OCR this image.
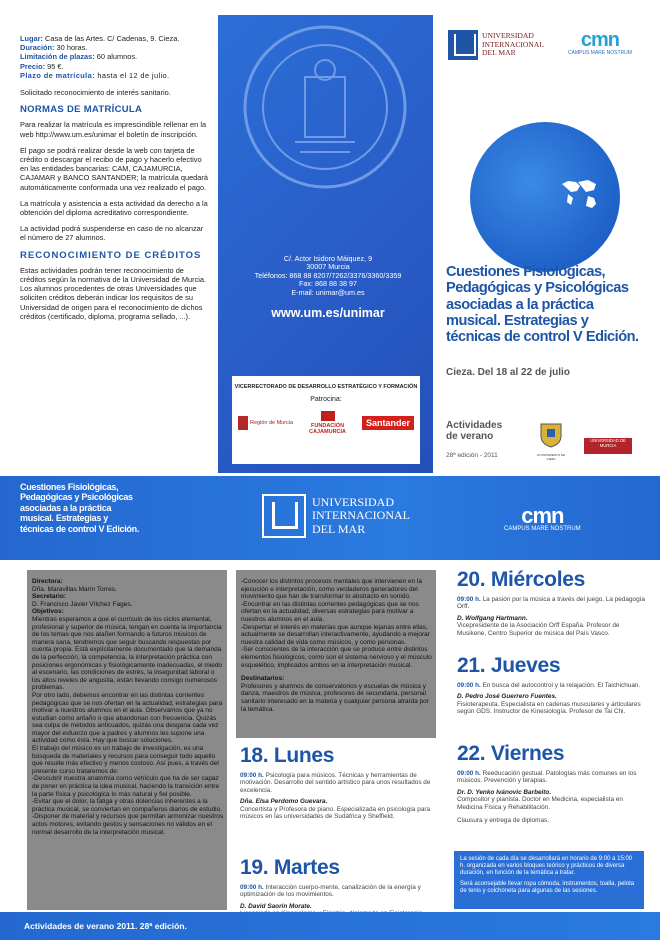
Lugar: Casa de las Artes. C/ Cadenas, 9. Cieza.
Duración: 30 horas.
Limitación de plazas: 60 alumnos.
Precio: 95 €.
Plazo de matrícula: hasta el 12 de julio.

Solicitado reconocimiento de interés sanitario.

NORMAS DE MATRÍCULA

Para realizar la matrícula es imprescindible rellenar en la web http://www.um.es/unimar el boletín de inscripción.

El pago se podrá realizar desde la web con tarjeta de crédito o descargar el recibo de pago y hacerlo efectivo en las entidades bancarias: CAM, CAJAMURCIA, CAJAMAR y BANCO SANTANDER; la matrícula quedará automáticamente conformada una vez realizado el pago.

La matrícula y asistencia a esta actividad da derecho a la obtención del diploma acreditativo correspondiente.

La actividad podrá suspenderse en caso de no alcanzar el número de 27 alumnos.

RECONOCIMIENTO DE CRÉDITOS

Estas actividades podrán tener reconocimiento de créditos según la normativa de la Universidad de Murcia. Los alumnos procedentes de otras Universidades que soliciten créditos deberán indicar los requisitos de su Universidad de origen para el reconocimiento de dichos créditos (certificado, diploma, programa sellado, ...).

C/. Actor Isidoro Máiquez, 9
30007 Murcia
Teléfonos: 868 88 8207/7262/3376/3360/3359
Fax: 868 88 38 97
E-mail: unimar@um.es
www.um.es/unimar
VICERRECTORADO DE DESARROLLO ESTRATÉGICO Y FORMACIÓN
Patrocina:
Región de Murcia	FUNDACIÓN CAJAMURCIA
Santander
UNIVERSIDAD
INTERNACIONAL
DEL MAR
cmn
CAMPUS MARE NOSTRUM
Cuestiones Fisiológicas, Pedagógicas y Psicológicas asociadas a la práctica musical. Estrategias y técnicas de control V Edición.
Cieza. Del 18 al 22 de julio
Actividades
de verano
28ª edición - 2011	AYUNTAMIENTO DE CIEZA
UNIVERSIDAD DE MURCIA
Cuestiones Fisiológicas, Pedagógicas y Psicológicas asociadas a la práctica musical. Estrategias y técnicas de control V Edición.
UNIVERSIDAD
INTERNACIONAL
DEL MAR
cmn
CAMPUS MARE NOSTRUM
Directora:
Dña. Maravillas Marín Torres.
Secretario:
D. Francisco Javier Vílchez Fages.
Objetivos:
Mientras esperamos a que el currículo de los ciclos elemental, profesional y superior de música, tengan en cuenta la importancia de los temas que nos atañen formando a futuros músicos de manera sana, tendremos que seguir buscando respuestas por cuenta propia. Está explícitamente documentado que la demanda de la perfección, la competencia, la interpretación práctica con posiciones ergonómicas y fisiológicamente inadecuadas, el miedo al escenario, las condiciones de estrés, la inseguridad laboral o los altos niveles de angustia, están llevando consigo numerosos problemas.
Por otro lado, debemos encontrar en las distintas corrientes pedagógicas que se nos ofertan en la actualidad, estrategias para motivar a nuestros alumnos en el aula. Observamos que ya no estudian como antaño o que abandonan con frecuencia. Quizás sea culpa de métodos anticuados, quizás una desgana cada vez mayor del esfuerzo que a padres y alumnos les supone una actividad como ésta. Hay que buscar soluciones.
El trabajo del músico es un trabajo de investigación, es una búsqueda de materiales y recursos para conseguir todo aquello que resulte más efectivo y menos costoso. Así pues, a través del presente curso trataremos de:
-Descubrir nuestra anatomía como vehículo que ha de ser capaz de poner en práctica la idea musical, haciendo la transición entre la parte física y psicológica lo más natural y fiel posible.
-Evitar que el dolor, la fatiga y otras dolencias inherentes a la práctica musical, se conviertan en compañeros diarios de estudio.
-Disponer de material y recursos que permitan armonizar nuestros actos motores, evitando gestos y sensaciones no válidos en el normal desarrollo de la interpretación musical.
-Conocer los distintos procesos mentales que intervienen en la ejecución e interpretación, como verdaderos generadores del movimiento que han de transformar lo abstracto en sonido.
-Encontrar en las distintas corrientes pedagógicas que se nos ofertan en la actualidad, diversas estrategias para motivar a nuestros alumnos en el aula.
-Despertar el interés en materias que aunque lejanas entre ellas, actualmente se desarrollan interactivamente, ayudando a mejorar nuestra calidad de vida como músicos, y como personas.
-Ser conscientes de la interacción que se produce entre distintos elementos fisiológicos, como son el sistema nervioso y el músculo esquelético, implicados ambos en la interpretación musical.
Destinatarios:
Profesores y alumnos de conservatorios y escuelas de música y danza, maestros de música, profesores de secundaria, personal sanitario interesado en la materia y cualquier persona atraída por la temática.
18. Lunes
09:00 h. Psicología para músicos. Técnicas y herramientas de motivación. Desarrollo del sentido artístico para unos resultados de excelencia.
Dña. Elsa Perdomo Guevara.
Concertista y Profesora de piano. Especializada en psicología para músicos en las universidades de Sudáfrica y Sheffield.
19. Martes
09:00 h. Interacción cuerpo-mente, canalización de la energía y optimización de los movimientos.
D. David Saorín Morate.
20. Miércoles
09:00 h. La pasión por la música a través del juego. La pedagogía Orff.
D. Wolfgang Hartmann.
Vicepresidente de la Asociación Orff España. Profesor de Musikene, Centro Superior de música del País Vasco.
21. Jueves
09:00 h. En busca del autocontrol y la relajación. El Taichichuan.
D. Pedro José Guerrero Fuentes.
Fisioterapeuta. Especialista en cadenas musculares y articulares según GDS. Instructor de Kinesiología. Profesor de Tai Chi.
22. Viernes
09:00 h. Reeducación gestual. Patologías más comunes en los músicos. Prevención y terapias.
Dr. D. Yenko Ivánovic Barbeito.
Compositor y pianista. Doctor en Medicina, especialista en Medicina Física y Rehabilitación.
Clausura y entrega de diplomas.
La sesión de cada día se desarrollará en horario de 9:00 a 15:00 h. organizada en varios bloques teórico y prácticos de diversa duración, en función de la temática a tratar.
Será aconsejable llevar ropa cómoda, instrumentos, toalla, pelota de tenis y colchoneta para algunas de las sesiones.
Actividades de verano 2011. 28ª edición.
